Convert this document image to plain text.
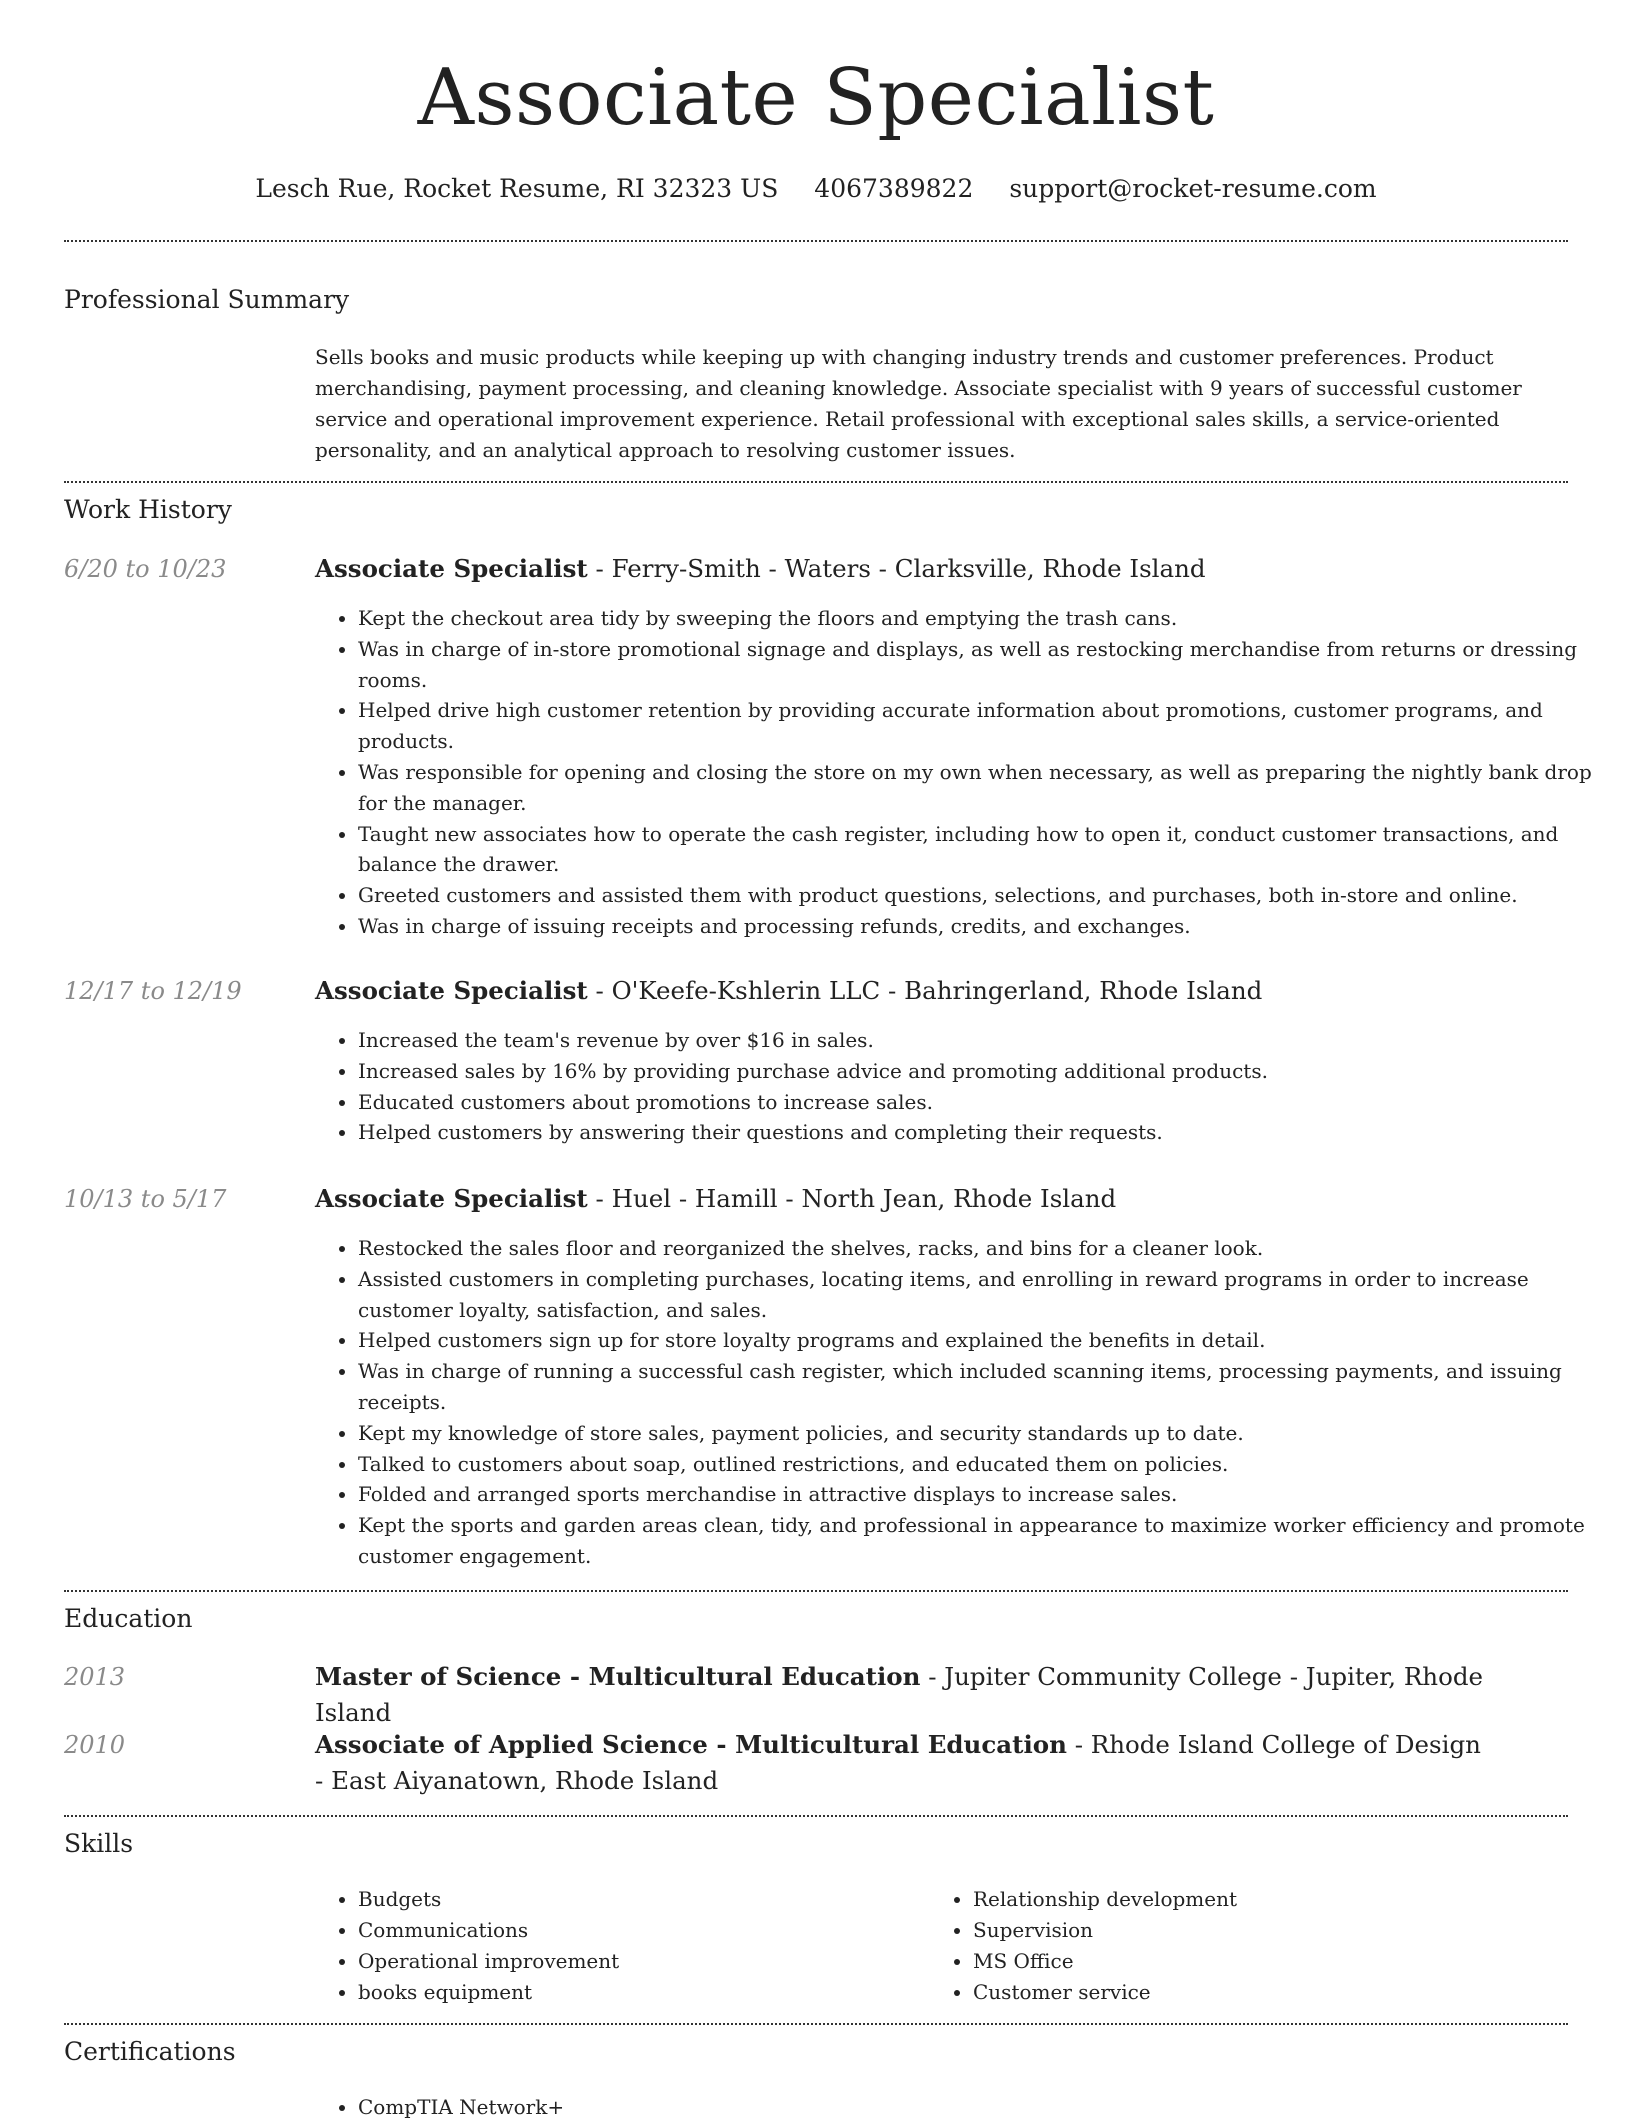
Associate Specialist
Lesch Rue, Rocket Resume, RI 32323 US 4067389822 support@rocket-resume.com
Professional Summary

Sells books and music products while keeping up with changing industry trends and customer preferences. Product merchandising, payment processing, and cleaning knowledge. Associate specialist with 9 years of successful customer service and operational improvement experience. Retail professional with exceptional sales skills, a service-oriented personality, and an analytical approach to resolving customer issues.

Work History
6/20 to 10/23	Associate Specialist - Ferry-Smith - Waters - Clarksville, Rhode Island
• Kept the checkout area tidy by sweeping the floors and emptying the trash cans.
• Was in charge of in-store promotional signage and displays, as well as restocking merchandise from returns or dressing rooms.
• Helped drive high customer retention by providing accurate information about promotions, customer programs, and products.
• Was responsible for opening and closing the store on my own when necessary, as well as preparing the nightly bank drop for the manager.
• Taught new associates how to operate the cash register, including how to open it, conduct customer transactions, and balance the drawer.
• Greeted customers and assisted them with product questions, selections, and purchases, both in-store and online.
• Was in charge of issuing receipts and processing refunds, credits, and exchanges.
12/17 to 12/19	Associate Specialist - O'Keefe-Kshlerin LLC - Bahringerland, Rhode Island
• Increased the team's revenue by over $16 in sales.
• Increased sales by 16% by providing purchase advice and promoting additional products.
• Educated customers about promotions to increase sales.
• Helped customers by answering their questions and completing their requests.
10/13 to 5/17	Associate Specialist - Huel - Hamill - North Jean, Rhode Island
• Restocked the sales floor and reorganized the shelves, racks, and bins for a cleaner look.
• Assisted customers in completing purchases, locating items, and enrolling in reward programs in order to increase customer loyalty, satisfaction, and sales.
• Helped customers sign up for store loyalty programs and explained the benefits in detail.
• Was in charge of running a successful cash register, which included scanning items, processing payments, and issuing receipts.
• Kept my knowledge of store sales, payment policies, and security standards up to date.
• Talked to customers about soap, outlined restrictions, and educated them on policies.
• Folded and arranged sports merchandise in attractive displays to increase sales.
• Kept the sports and garden areas clean, tidy, and professional in appearance to maximize worker efficiency and promote customer engagement.
Education
2013	Master of Science - Multicultural Education - Jupiter Community College - Jupiter, Rhode Island
2010	Associate of Applied Science - Multicultural Education - Rhode Island College of Design - East Aiyanatown, Rhode Island
Skills
• Budgets
• Communications
• Operational improvement
• books equipment
• Relationship development
• Supervision
• MS Office
• Customer service
Certifications
• CompTIA Network+
